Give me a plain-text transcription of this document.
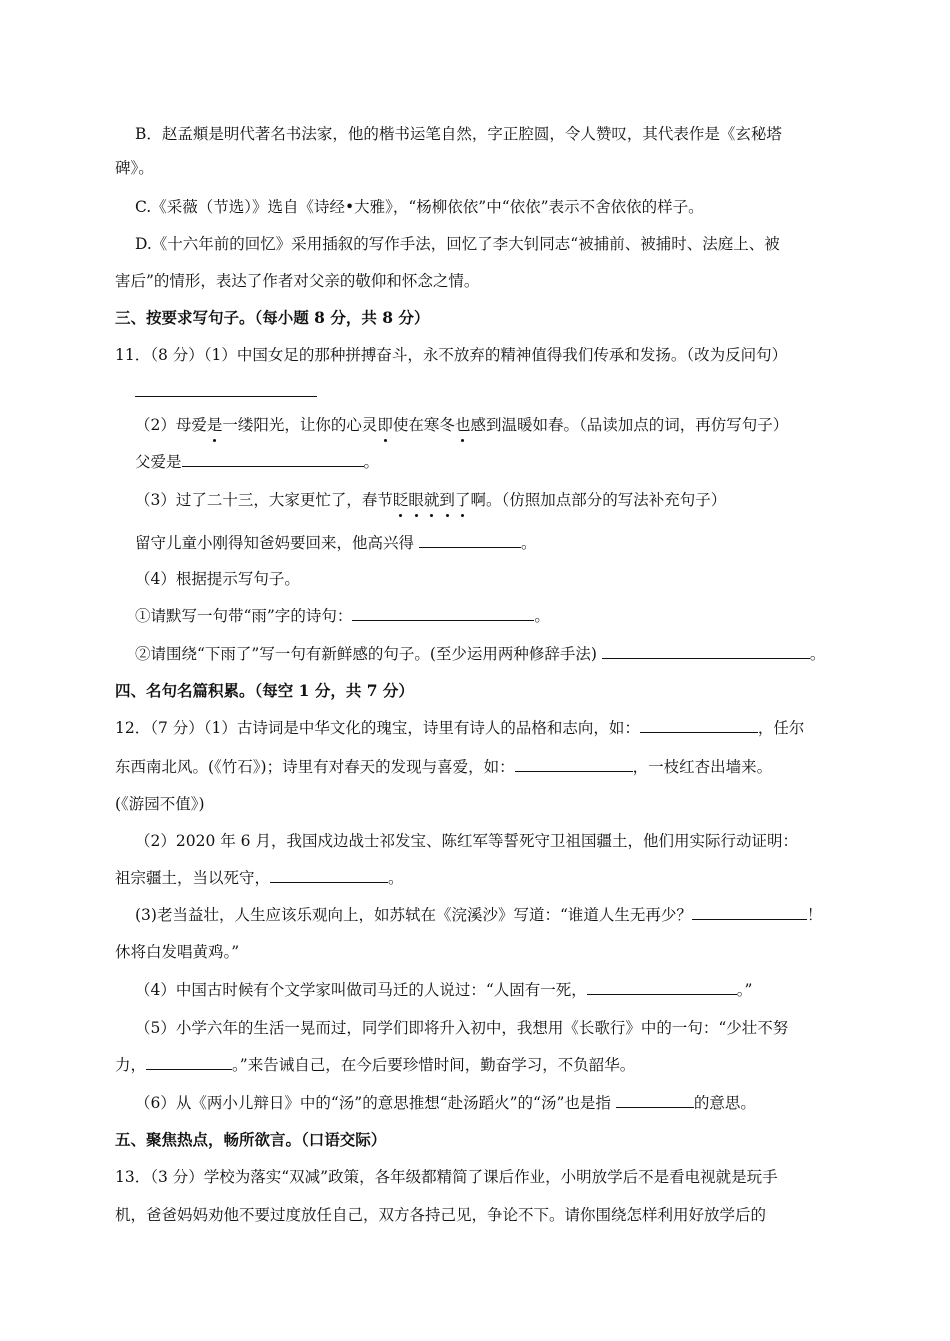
B．赵孟頫是明代著名书法家，他的楷书运笔自然，字正腔圆，令人赞叹，其代表作是《玄秘塔
碑》。
C.《采薇（节选）》选自《诗经•大雅》，“杨柳依依”中“依依”表示不舍依依的样子。
D.《十六年前的回忆》采用插叙的写作手法，回忆了李大钊同志“被捕前、被捕时、法庭上、被
害后”的情形，表达了作者对父亲的敬仰和怀念之情。
三、按要求写句子。（每小题 8 分，共 8 分）
11．（8 分）（1）中国女足的那种拼搏奋斗，永不放弃的精神值得我们传承和发扬。（改为反问句）
（2）母爱是一缕阳光，让你的心灵即使在寒冬也感到温暖如春。（品读加点的词，再仿写句子）
父爱是	。
（3）过了二十三，大家更忙了，春节眨眼就到了啊。（仿照加点部分的写法补充句子）
留守儿童小刚得知爸妈要回来，他高兴得	。
（4）根据提示写句子。
①请默写一句带“雨”字的诗句：	。
②请围绕“下雨了”写一句有新鲜感的句子。(至少运用两种修辞手法)	。
四、名句名篇积累。（每空 1 分，共 7 分）
12．（7 分）（1）古诗词是中华文化的瑰宝，诗里有诗人的品格和志向，如：	，任尔
东西南北风。(《竹石》)；诗里有对春天的发现与喜爱，如：	，一枝红杏出墙来。
(《游园不值》)
（2）2020 年 6 月，我国戍边战士祁发宝、陈红军等誓死守卫祖国疆土，他们用实际行动证明：
祖宗疆土，当以死守，	。
(3)老当益壮，人生应该乐观向上，如苏轼在《浣溪沙》写道：“谁道人生无再少？	！
休将白发唱黄鸡。”
（4）中国古时候有个文学家叫做司马迁的人说过：“人固有一死，	。”
（5）小学六年的生活一晃而过，同学们即将升入初中，我想用《长歌行》中的一句：“少壮不努
力，	。”来告诫自己，在今后要珍惜时间，勤奋学习，不负韶华。
（6）从《两小儿辩日》中的“汤”的意思推想“赴汤蹈火”的“汤”也是指	的意思。
五、聚焦热点，畅所欲言。（口语交际）
13．（3 分）学校为落实“双减”政策，各年级都精简了课后作业，小明放学后不是看电视就是玩手
机，爸爸妈妈劝他不要过度放任自己，双方各持己见，争论不下。请你围绕怎样利用好放学后的
